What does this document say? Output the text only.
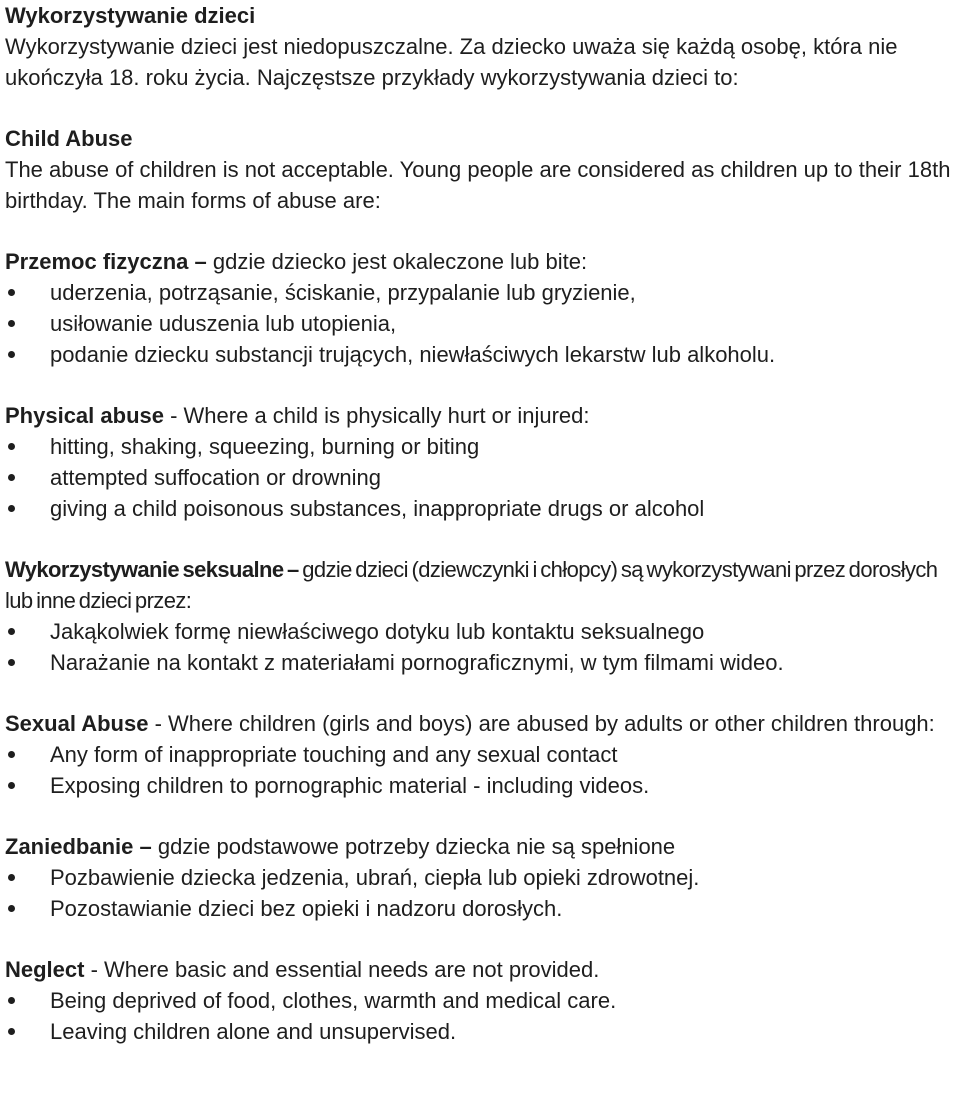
Wykorzystywanie dzieci

Wykorzystywanie dzieci jest niedopuszczalne. Za dziecko uważa się każdą osobę, która nie ukończyła 18. roku życia. Najczęstsze przykłady wykorzystywania dzieci to:

Child Abuse

The abuse of children is not acceptable. Young people are considered as children up to their 18th birthday. The main forms of abuse are:

Przemoc fizyczna – gdzie dziecko jest okaleczone lub bite:

uderzenia, potrząsanie, ściskanie, przypalanie lub gryzienie,
usiłowanie uduszenia lub utopienia,
podanie dziecku substancji trujących, niewłaściwych lekarstw lub alkoholu.

Physical abuse - Where a child is physically hurt or injured:

hitting, shaking, squeezing, burning or biting
attempted suffocation or drowning
giving a child poisonous substances, inappropriate drugs or alcohol

Wykorzystywanie seksualne – gdzie dzieci (dziewczynki i chłopcy) są wykorzystywani przez dorosłych lub inne dzieci przez:

Jakąkolwiek formę niewłaściwego dotyku lub kontaktu seksualnego
Narażanie na kontakt z materiałami pornograficznymi, w tym filmami wideo.

Sexual Abuse - Where children (girls and boys) are abused by adults or other children through:

Any form of inappropriate touching and any sexual contact
Exposing children to pornographic material - including videos.

Zaniedbanie – gdzie podstawowe potrzeby dziecka nie są spełnione

Pozbawienie dziecka jedzenia, ubrań, ciepła lub opieki zdrowotnej.
Pozostawianie dzieci bez opieki i nadzoru dorosłych.

Neglect - Where basic and essential needs are not provided.

Being deprived of food, clothes, warmth and medical care.
Leaving children alone and unsupervised.
